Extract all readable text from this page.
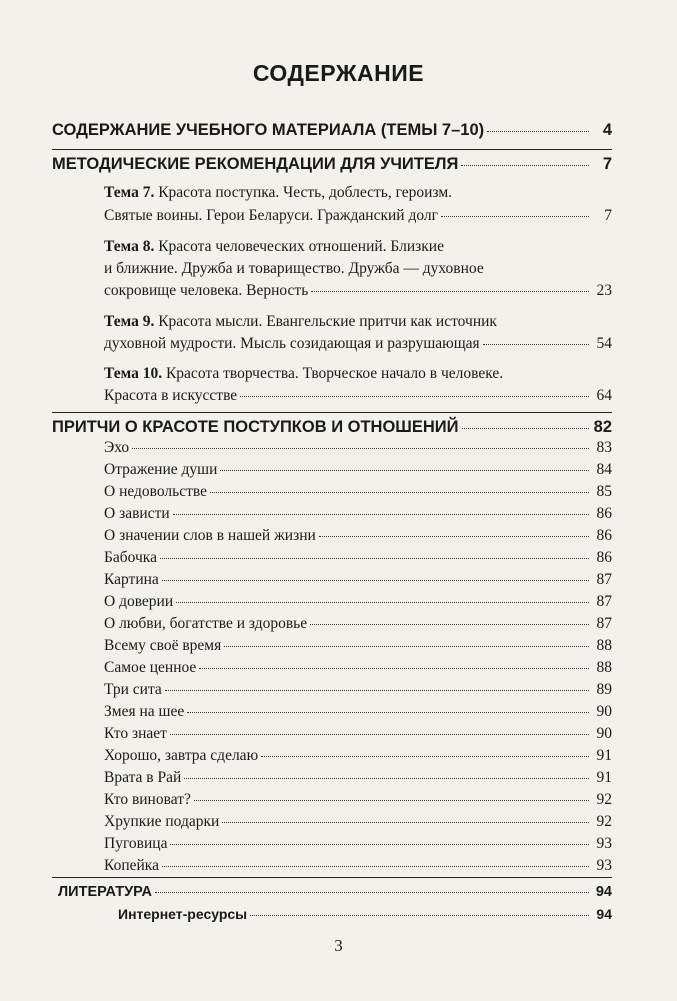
СОДЕРЖАНИЕ
СОДЕРЖАНИЕ УЧЕБНОГО МАТЕРИАЛА (ТЕМЫ 7–10)	4
МЕТОДИЧЕСКИЕ РЕКОМЕНДАЦИИ ДЛЯ УЧИТЕЛЯ	7
Тема 7. Красота поступка. Честь, доблесть, героизм.
Святые воины. Герои Беларуси. Гражданский долг	7
Тема 8. Красота человеческих отношений. Близкие
и ближние. Дружба и товарищество. Дружба — духовное
сокровище человека. Верность	23
Тема 9. Красота мысли. Евангельские притчи как источник
духовной мудрости. Мысль созидающая и разрушающая	54
Тема 10. Красота творчества. Творческое начало в человеке.
Красота в искусстве	64
ПРИТЧИ О КРАСОТЕ ПОСТУПКОВ И ОТНОШЕНИЙ	82
Эхо	83
Отражение души	84
О недовольстве	85
О зависти	86
О значении слов в нашей жизни	86
Бабочка	86
Картина	87
О доверии	87
О любви, богатстве и здоровье	87
Всему своё время	88
Самое ценное	88
Три сита	89
Змея на шее	90
Кто знает	90
Хорошо, завтра сделаю	91
Врата в Рай	91
Кто виноват?	92
Хрупкие подарки	92
Пуговица	93
Копейка	93
ЛИТЕРАТУРА	94
Интернет-ресурсы	94
3
